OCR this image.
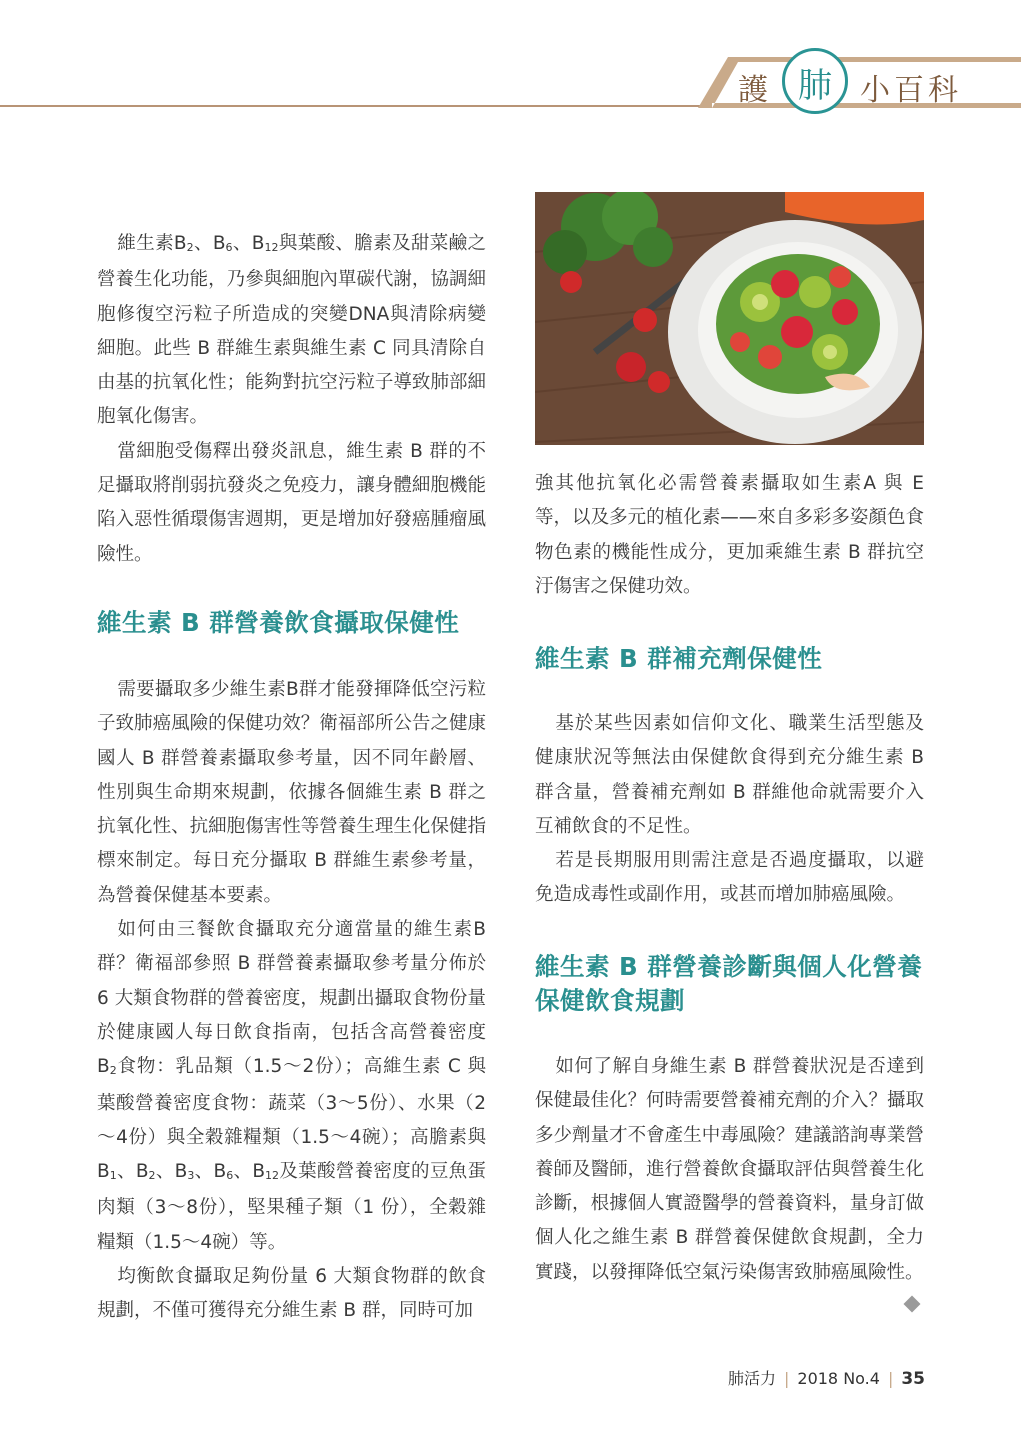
護 肺 小百科

維生素$B_2$、$B_6$、$B_{12}$與葉酸、膽素及甜菜鹼之營養生化功能，乃參與細胞內單碳代謝，協調細胞修復空污粒子所造成的突變DNA與清除病變細胞。此些 B 群維生素與維生素 C 同具清除自由基的抗氧化性；能夠對抗空污粒子導致肺部細胞氧化傷害。

當細胞受傷釋出發炎訊息，維生素 B 群的不足攝取將削弱抗發炎之免疫力，讓身體細胞機能陷入惡性循環傷害週期，更是增加好發癌腫瘤風險性。

維生素 B 群營養飲食攝取保健性

需要攝取多少維生素B群才能發揮降低空污粒子致肺癌風險的保健功效？衛福部所公告之健康國人 B 群營養素攝取參考量，因不同年齡層、性別與生命期來規劃，依據各個維生素 B 群之抗氧化性、抗細胞傷害性等營養生理生化保健指標來制定。每日充分攝取 B 群維生素參考量，為營養保健基本要素。

如何由三餐飲食攝取充分適當量的維生素B群？衛福部參照 B 群營養素攝取參考量分佈於 6 大類食物群的營養密度，規劃出攝取食物份量於健康國人每日飲食指南，包括含高營養密度$B_2$食物：乳品類（1.5～2份）；高維生素 C 與葉酸營養密度食物：蔬菜（3～5份）、水果（2～4份）與全穀雜糧類（1.5～4碗）；高膽素與$B_1$、$B_2$、$B_3$、$B_6$、$B_{12}$及葉酸營養密度的豆魚蛋肉類（3～8份），堅果種子類（1 份），全穀雜糧類（1.5～4碗）等。

均衡飲食攝取足夠份量 6 大類食物群的飲食規劃，不僅可獲得充分維生素 B 群，同時可加

強其他抗氧化必需營養素攝取如生素A 與 E 等，以及多元的植化素——來自多彩多姿顏色食物色素的機能性成分，更加乘維生素 B 群抗空汙傷害之保健功效。

維生素 B 群補充劑保健性

基於某些因素如信仰文化、職業生活型態及健康狀況等無法由保健飲食得到充分維生素 B 群含量，營養補充劑如 B 群維他命就需要介入互補飲食的不足性。

若是長期服用則需注意是否過度攝取，以避免造成毒性或副作用，或甚而增加肺癌風險。

維生素 B 群營養診斷與個人化營養保健飲食規劃

如何了解自身維生素 B 群營養狀況是否達到保健最佳化？何時需要營養補充劑的介入？攝取多少劑量才不會產生中毒風險？建議諮詢專業營養師及醫師，進行營養飲食攝取評估與營養生化診斷，根據個人實證醫學的營養資料，量身訂做個人化之維生素 B 群營養保健飲食規劃，全力實踐，以發揮降低空氣污染傷害致肺癌風險性。

肺活力 | 2018 No.4 | 35
